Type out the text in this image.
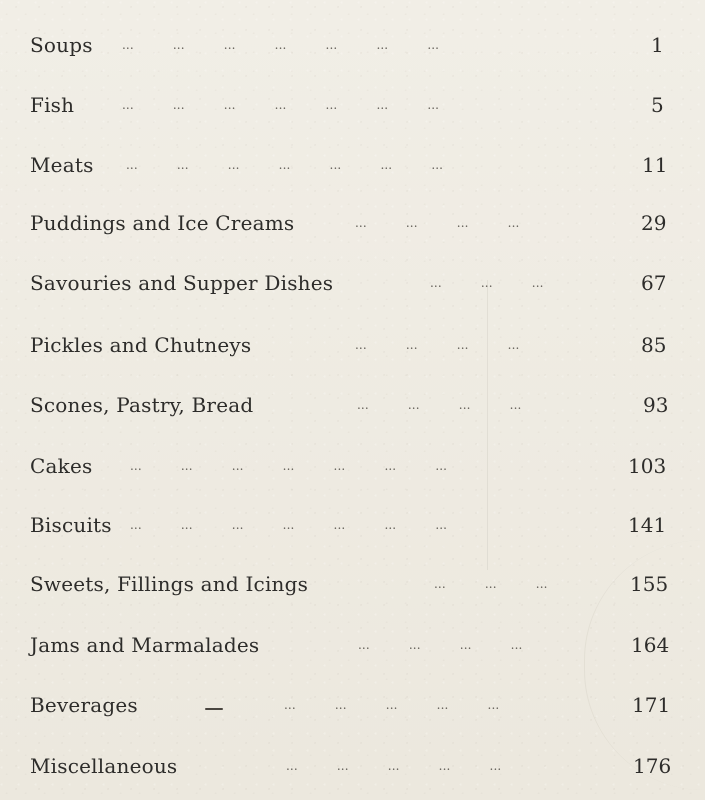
Soups ...          ...          ...          ...          ...          ...          ...	1
Fish	...          ...          ...          ...          ...          ...          ...	5
Meats	...          ...          ...          ...          ...          ...          ...	11
Puddings and Ice Creams	...          ...          ...          ...	29
Savouries and Supper Dishes	...          ...          ...	67
Pickles and Chutneys	...          ...          ...          ...	85
Scones, Pastry, Bread	...          ...          ...          ...	93
Cakes	...          ...          ...          ...          ...          ...          ...	103
Biscuits ...          ...          ...          ...          ...          ...          ...	141
Sweets, Fillings and Icings	...          ...          ...	155
Jams and Marmalades	...          ...          ...          ...	164
Beverages	...          ...          ...          ...          ...	171
Miscellaneous	...          ...          ...          ...          ...	176
